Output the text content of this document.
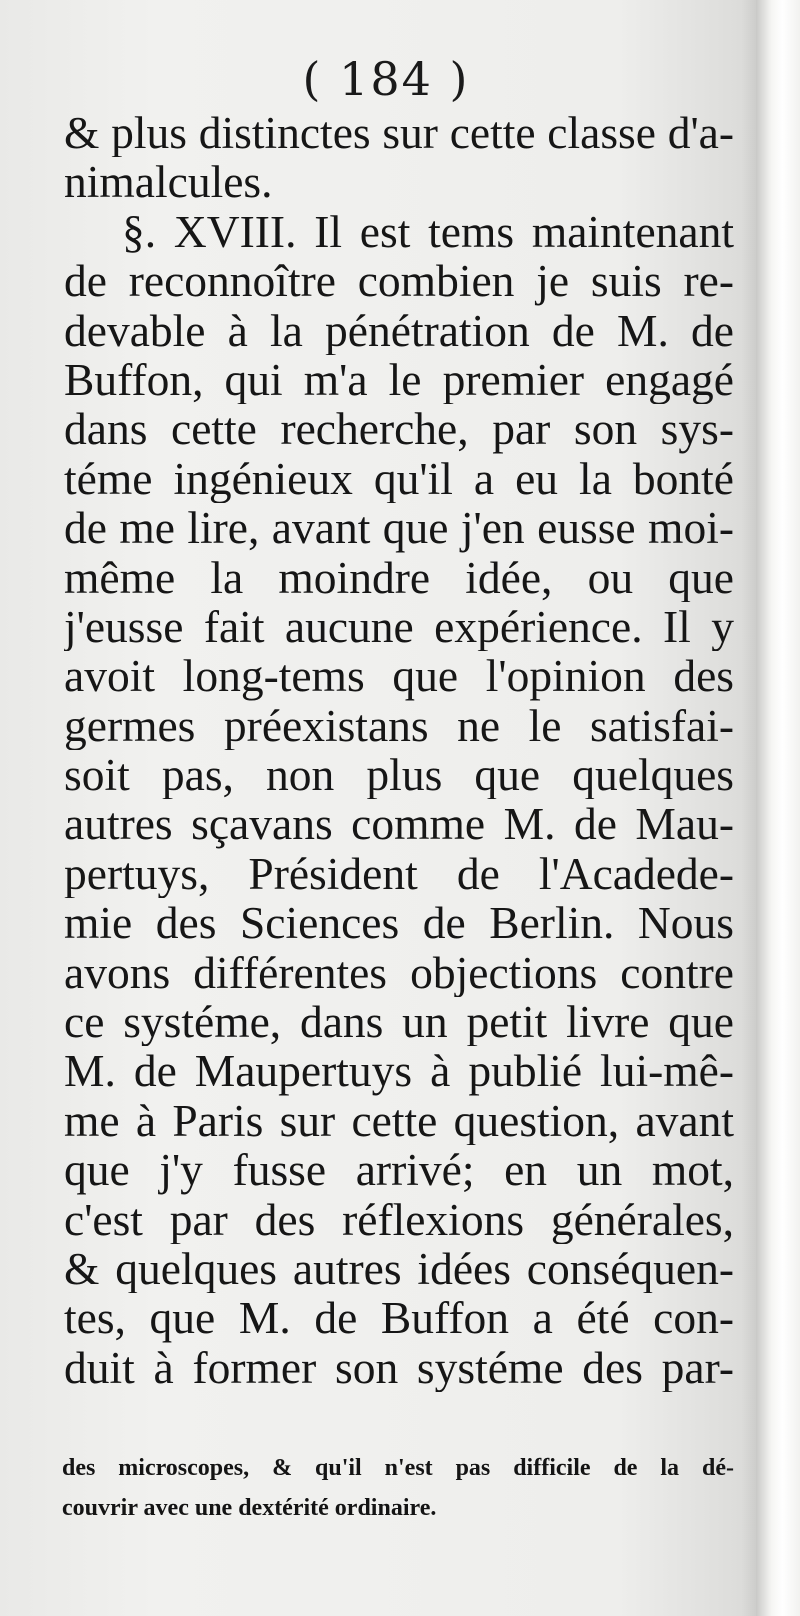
( 184 )
& plus distinctes sur cette classe d'a-
nimalcules.
§. XVIII. Il est tems maintenant
de reconnoître combien je suis re-
devable à la pénétration de M. de
Buffon, qui m'a le premier engagé
dans cette recherche, par son sys-
téme ingénieux qu'il a eu la bonté
de me lire, avant que j'en eusse moi-
même la moindre idée, ou que
j'eusse fait aucune expérience. Il y
avoit long-tems que l'opinion des
germes préexistans ne le satisfai-
soit pas, non plus que quelques
autres sçavans comme M. de Mau-
pertuys, Président de l'Acadede-
mie des Sciences de Berlin. Nous
avons différentes objections contre
ce systéme, dans un petit livre que
M. de Maupertuys à publié lui-mê-
me à Paris sur cette question, avant
que j'y fusse arrivé; en un mot,
c'est par des réflexions générales,
& quelques autres idées conséquen-
tes, que M. de Buffon a été con-
duit à former son systéme des par-
des microscopes, & qu'il n'est pas difficile de la dé-
couvrir avec une dextérité ordinaire.
